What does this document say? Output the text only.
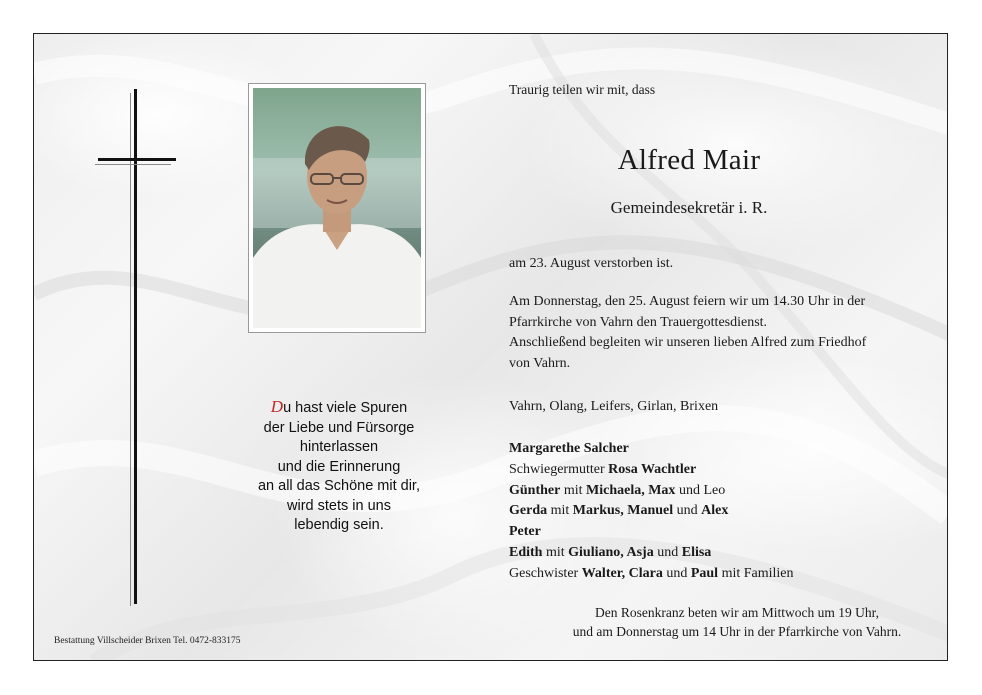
Du hast viele Spuren
der Liebe und Fürsorge
hinterlassen
und die Erinnerung
an all das Schöne mit dir,
wird stets in uns
lebendig sein.
Bestattung Villscheider Brixen Tel. 0472-833175
Traurig teilen wir mit, dass
Alfred Mair
Gemeindesekretär i. R.
am 23. August verstorben ist.
Am Donnerstag, den 25. August feiern wir um 14.30 Uhr in der
Pfarrkirche von Vahrn den Trauergottesdienst.
Anschließend begleiten wir unseren lieben Alfred zum Friedhof
von Vahrn.
Vahrn, Olang, Leifers, Girlan, Brixen
Margarethe Salcher
Schwiegermutter Rosa Wachtler
Günther mit Michaela, Max und Leo
Gerda mit Markus, Manuel und Alex
Peter
Edith mit Giuliano, Asja und Elisa
Geschwister Walter, Clara und Paul mit Familien
Den Rosenkranz beten wir am Mittwoch um 19 Uhr,
und am Donnerstag um 14 Uhr in der Pfarrkirche von Vahrn.
